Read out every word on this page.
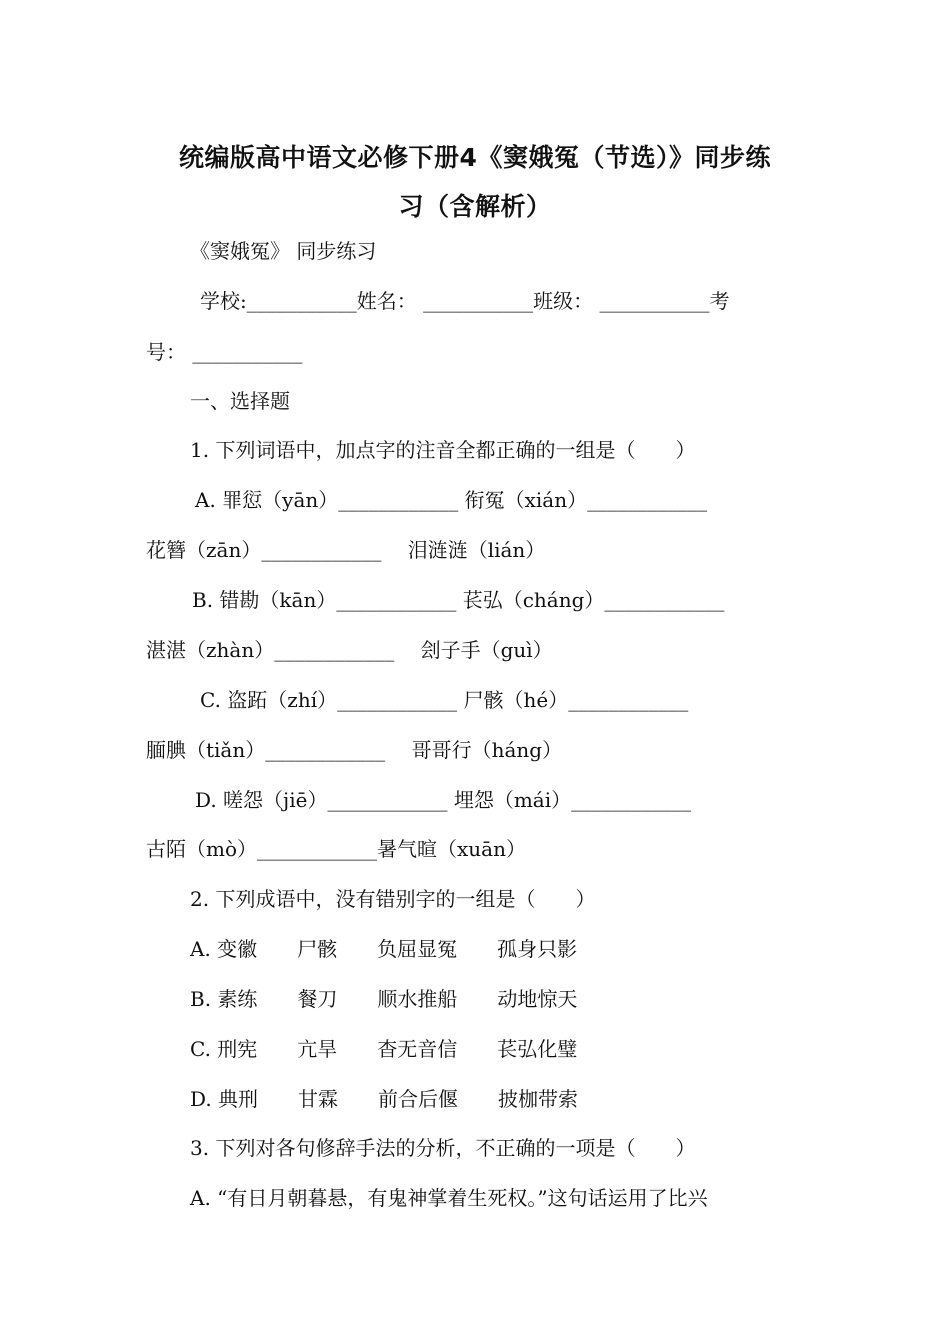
统编版高中语文必修下册4《窦娥冤（节选）》同步练
习（含解析）
《窦娥冤》 同步练习
学校:___________姓名： ___________班级： ___________考
号： ___________
一、选择题
1. 下列词语中，加点字的注音全都正确的一组是（　　）
A. 罪愆（yān）____________ 衔冤（xián）____________
花簪（zān）____________　 泪涟涟（lián）
B. 错勘（kān）____________ 苌弘（cháng）____________
湛湛（zhàn）____________　 刽子手（guì）
C. 盗跖（zhí）____________ 尸骸（hé）____________
腼腆（tiǎn）____________　 哥哥行（háng）
D. 嗟怨（jiē）____________ 埋怨（mái）____________
古陌（mò）____________暑气暄（xuān）
2. 下列成语中，没有错别字的一组是（　　）
A. 变徽　　尸骸　　负屈显冤　　孤身只影
B. 素练　　餐刀　　顺水推船　　动地惊天
C. 刑宪　　亢旱　　杳无音信　　苌弘化璧
D. 典刑　　甘霖　　前合后偃　　披枷带索
3. 下列对各句修辞手法的分析，不正确的一项是（　　）
A. “有日月朝暮悬，有鬼神掌着生死权。”这句话运用了比兴
